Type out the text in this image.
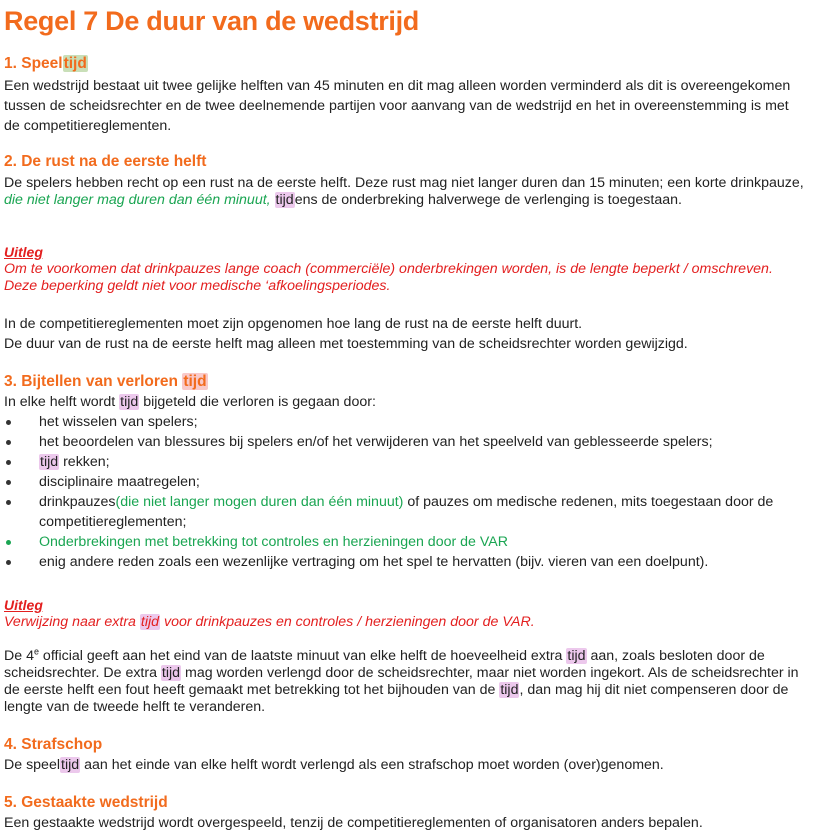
Regel 7 De duur van de wedstrijd
1. Speeltijd
Een wedstrijd bestaat uit twee gelijke helften van 45 minuten en dit mag alleen worden verminderd als dit is overeengekomen tussen de scheidsrechter en de twee deelnemende partijen voor aanvang van de wedstrijd en het in overeenstemming is met de competitiereglementen.
2. De rust na de eerste helft
De spelers hebben recht op een rust na de eerste helft. Deze rust mag niet langer duren dan 15 minuten; een korte drinkpauze, die niet langer mag duren dan één minuut, tijdens de onderbreking halverwege de verlenging is toegestaan.
Uitleg
Om te voorkomen dat drinkpauzes lange coach (commerciële) onderbrekingen worden, is de lengte beperkt / omschreven. Deze beperking geldt niet voor medische ‘afkoelingsperiodes.
In de competitiereglementen moet zijn opgenomen hoe lang de rust na de eerste helft duurt.
De duur van de rust na de eerste helft mag alleen met toestemming van de scheidsrechter worden gewijzigd.
3. Bijtellen van verloren tijd
In elke helft wordt tijd bijgeteld die verloren is gegaan door:
het wisselen van spelers;
het beoordelen van blessures bij spelers en/of het verwijderen van het speelveld van geblesseerde spelers;
tijd rekken;
disciplinaire maatregelen;
drinkpauzes(die niet langer mogen duren dan één minuut) of pauzes om medische redenen, mits toegestaan door de competitiereglementen;
Onderbrekingen met betrekking tot controles en herzieningen door de VAR
enig andere reden zoals een wezenlijke vertraging om het spel te hervatten (bijv. vieren van een doelpunt).
Uitleg
Verwijzing naar extra tijd voor drinkpauzes en controles / herzieningen door de VAR.
De 4e official geeft aan het eind van de laatste minuut van elke helft de hoeveelheid extra tijd aan, zoals besloten door de scheidsrechter. De extra tijd mag worden verlengd door de scheidsrechter, maar niet worden ingekort. Als de scheidsrechter in de eerste helft een fout heeft gemaakt met betrekking tot het bijhouden van de tijd, dan mag hij dit niet compenseren door de lengte van de tweede helft te veranderen.
4. Strafschop
De speeltijd aan het einde van elke helft wordt verlengd als een strafschop moet worden (over)genomen.
5. Gestaakte wedstrijd
Een gestaakte wedstrijd wordt overgespeeld, tenzij de competitiereglementen of organisatoren anders bepalen.
